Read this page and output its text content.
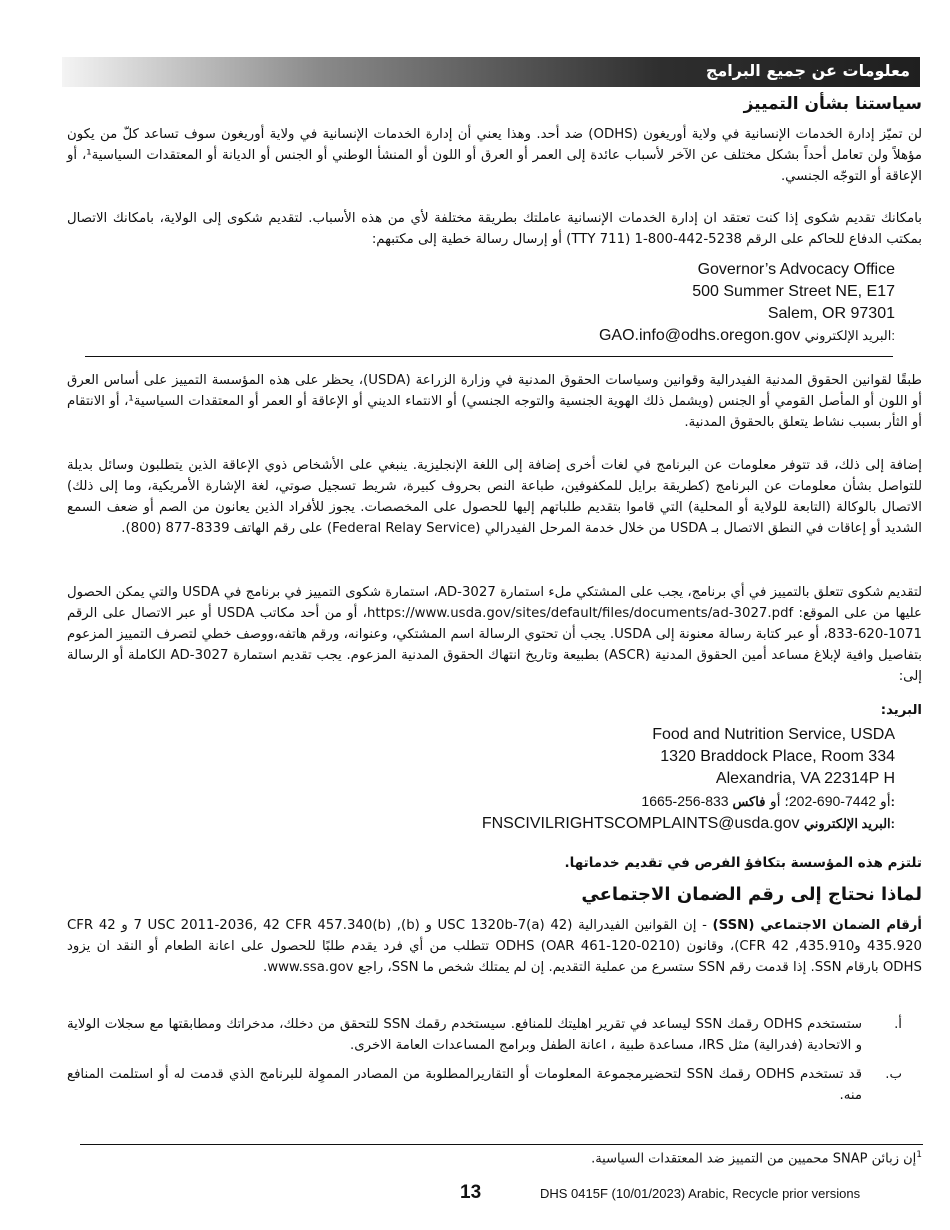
معلومات عن جميع البرامج
سياستنا بشأن التمييز
لن تميّز إدارة الخدمات الإنسانية في ولاية أوريغون (ODHS) ضد أحد. وهذا يعني أن إدارة الخدمات الإنسانية في ولاية أوريغون سوف تساعد كلّ من يكون مؤهلاً ولن تعامل أحداً بشكل مختلف عن الآخر لأسباب عائدة إلى العمر أو العرق أو اللون أو المنشأ الوطني أو الجنس أو الديانة أو المعتقدات السياسية¹، أو الإعاقة أو التوجّه الجنسي.
بامكانك تقديم شكوى إذا كنت تعتقد ان إدارة الخدمات الإنسانية عاملتك بطريقة مختلفة لأي من هذه الأسباب. لتقديم شكوى إلى الولاية، بامكانك الاتصال بمكتب الدفاع للحاكم على الرقم 5238-442-800-1 (TTY 711) أو إرسال رسالة خطية إلى مكتبهم:
Governor’s Advocacy Office
500 Summer Street NE, E17
Salem, OR 97301
GAO.info@odhs.oregon.gov البريد الإلكتروني:
طبقًا لقوانين الحقوق المدنية الفيدرالية وقوانين وسياسات الحقوق المدنية في وزارة الزراعة (USDA)، يحظر على هذه المؤسسة التمييز على أساس العرق أو اللون أو المأصل القومي أو الجنس (ويشمل ذلك الهوية الجنسية والتوجه الجنسي) أو الانتماء الديني أو الإعاقة أو العمر أو المعتقدات السياسية¹، أو الانتقام أو الثأر بسبب نشاط يتعلق بالحقوق المدنية.
إضافة إلى ذلك، قد تتوفر معلومات عن البرنامج في لغات أخرى إضافة إلى اللغة الإنجليزية. ينبغي على الأشخاص ذوي الإعاقة الذين يتطلبون وسائل بديلة للتواصل بشأن معلومات عن البرنامج (كطريقة برايل للمكفوفين، طباعة النص بحروف كبيرة، شريط تسجيل صوتي، لغة الإشارة الأمريكية، وما إلى ذلك) الاتصال بالوكالة (التابعة للولاية أو المحلية) التي قاموا بتقديم طلباتهم إليها للحصول على المخصصات. يجوز للأفراد الذين يعانون من الصم أو ضعف السمع الشديد أو إعاقات في النطق الاتصال بـ USDA من خلال خدمة المرحل الفيدرالي (Federal Relay Service) على رقم الهاتف 8339-877 (800).
لتقديم شكوى تتعلق بالتمييز في أي برنامج، يجب على المشتكي ملء استمارة AD-3027، استمارة شكوى التمييز في برنامج في USDA والتي يمكن الحصول عليها من على الموقع: https://www.usda.gov/sites/default/files/documents/ad-3027.pdf، أو من أحد مكاتب USDA أو عبر الاتصال على الرقم 1071-620-833، أو عبر كتابة رسالة معنونة إلى USDA. يجب أن تحتوي الرسالة اسم المشتكي، وعنوانه، ورقم هاتفه،ووصف خطي لتصرف التمييز المزعوم بتفاصيل وافية لإبلاغ مساعد أمين الحقوق المدنية (ASCR) بطبيعة وتاريخ انتهاك الحقوق المدنية المزعوم. يجب تقديم استمارة AD-3027 الكاملة أو الرسالة إلى:
البريد:
Food and Nutrition Service, USDA
1320 Braddock Place, Room 334
Alexandria, VA 22314P H
1665-256-833 أو 7442-690-202؛ أو فاكس:
FNSCIVILRIGHTSCOMPLAINTS@usda.gov البريد الإلكتروني:
تلتزم هذه المؤسسة بتكافؤ الفرص في تقديم خدماتها.
لماذا نحتاج إلى رقم الضمان الاجتماعي
أرقام الضمان الاجتماعي (SSN) - إن القوانين الفيدرالية (42 USC 1320b-7(a) و (b), 7 USC 2011-2036, 42 CFR 457.340(b) و 42 CFR 435.920 و435.910, 42 CFR)، وقانون ODHS (OAR 461-120-0210) تتطلب من أي فرد يقدم طلبًا للحصول على اعانة الطعام أو النقد ان يزود ODHS بارقام SSN. إذا قدمت رقم SSN ستسرع من عملية التقديم. إن لم يمتلك شخص ما SSN، راجع www.ssa.gov.
أ.
ستستخدم ODHS رقمك SSN ليساعد في تقرير اهليتك للمنافع. سيستخدم رقمك SSN للتحقق من دخلك، مدخراتك ومطابقتها مع سجلات الولاية و الاتحادية (فدرالية) مثل IRS، مساعدة طبية ، اعانة الطفل وبرامج المساعدات العامة الاخرى.
ب.
قد تستخدم ODHS رقمك SSN لتحضيرمجموعة المعلومات أو التقاريرالمطلوبة من المصادر المموِلة للبرنامج الذي قدمت له أو استلمت المنافع منه.
$^1$إن زبائن SNAP محميين من التمييز ضد المعتقدات السياسية.
13	DHS 0415F (10/01/2023) Arabic, Recycle prior versions
